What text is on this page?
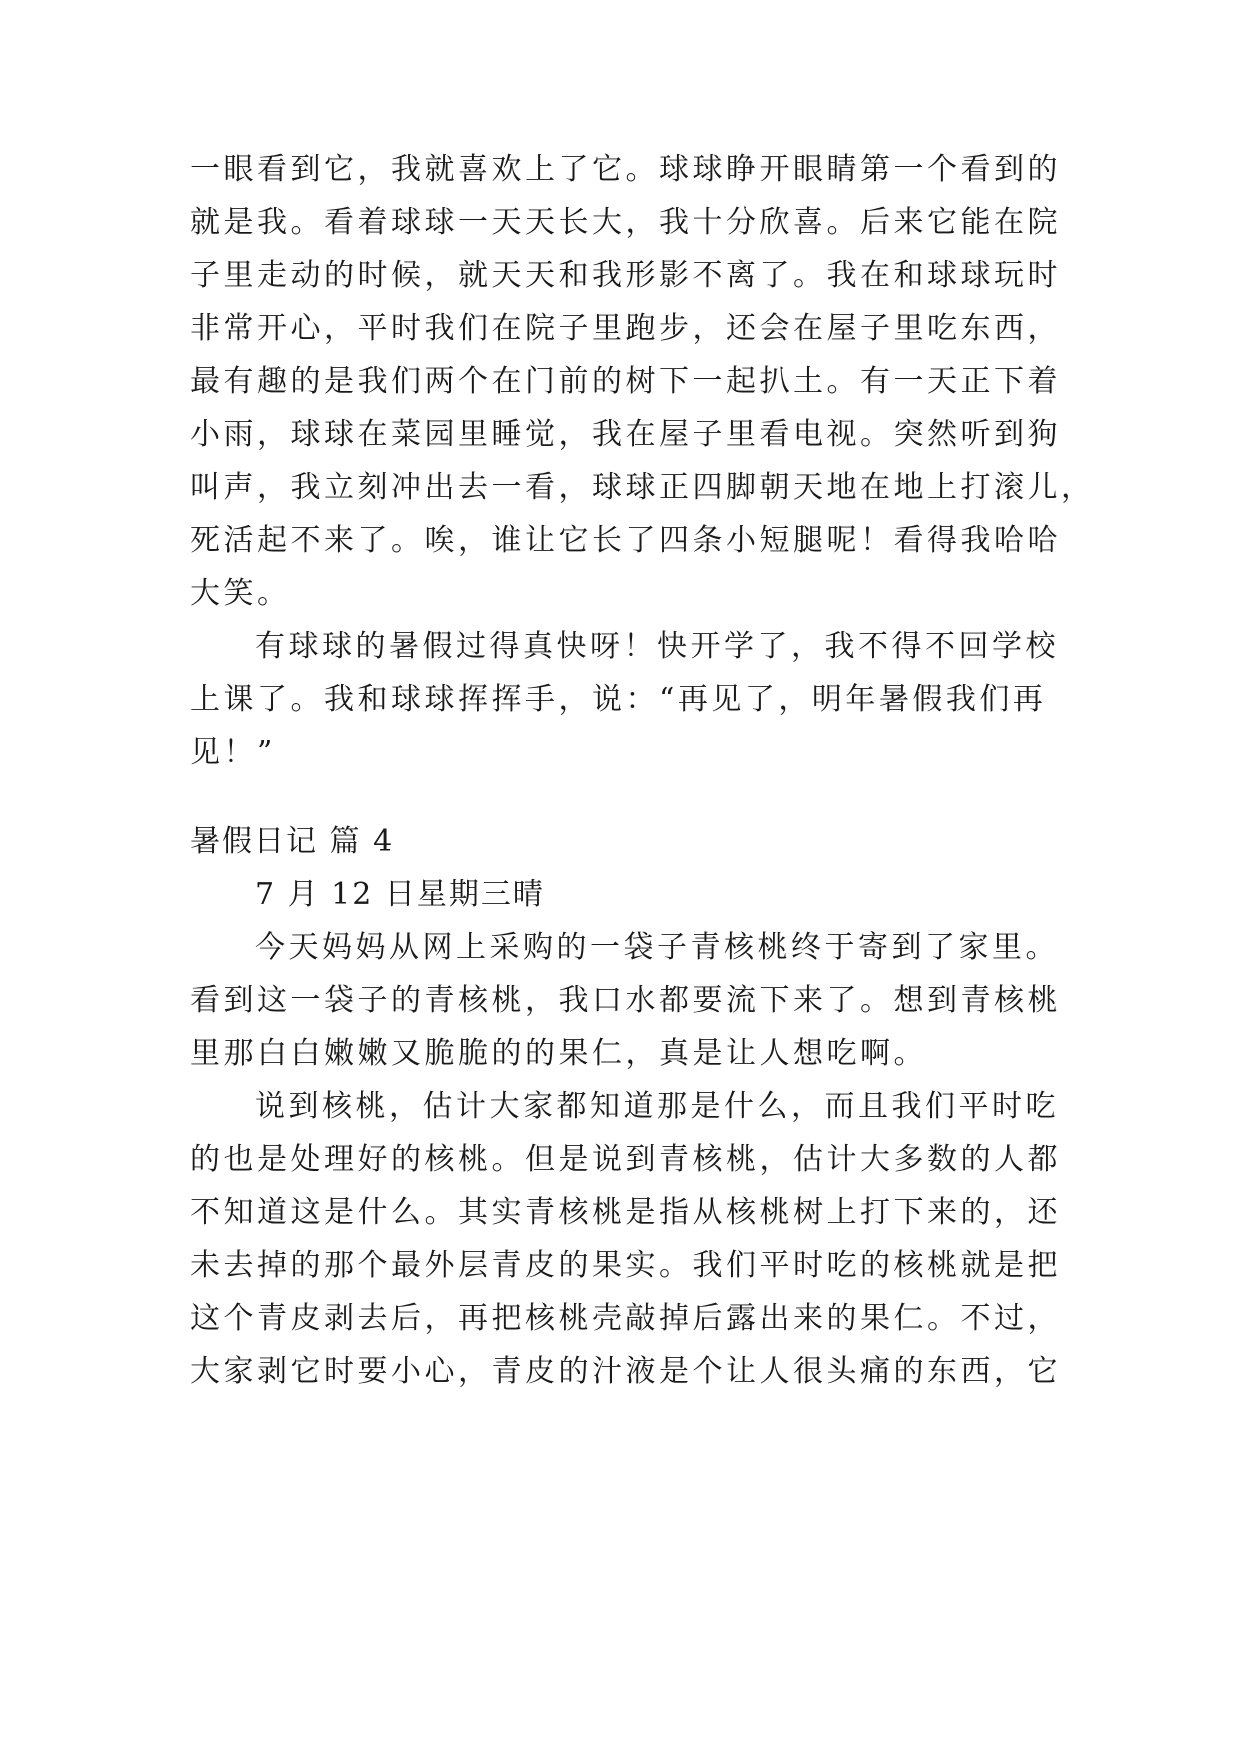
一眼看到它，我就喜欢上了它。球球睁开眼睛第一个看到的
就是我。看着球球一天天长大，我十分欣喜。后来它能在院
子里走动的时候，就天天和我形影不离了。我在和球球玩时
非常开心，平时我们在院子里跑步，还会在屋子里吃东西，
最有趣的是我们两个在门前的树下一起扒土。有一天正下着
小雨，球球在菜园里睡觉，我在屋子里看电视。突然听到狗
叫声，我立刻冲出去一看，球球正四脚朝天地在地上打滚儿，
死活起不来了。唉，谁让它长了四条小短腿呢！看得我哈哈
大笑。
有球球的暑假过得真快呀！快开学了，我不得不回学校
上课了。我和球球挥挥手，说：“再见了，明年暑假我们再
见！”
暑假日记 篇 4
7 月 12 日星期三晴
今天妈妈从网上采购的一袋子青核桃终于寄到了家里。
看到这一袋子的青核桃，我口水都要流下来了。想到青核桃
里那白白嫩嫩又脆脆的的果仁，真是让人想吃啊。
说到核桃，估计大家都知道那是什么，而且我们平时吃
的也是处理好的核桃。但是说到青核桃，估计大多数的人都
不知道这是什么。其实青核桃是指从核桃树上打下来的，还
未去掉的那个最外层青皮的果实。我们平时吃的核桃就是把
这个青皮剥去后，再把核桃壳敲掉后露出来的果仁。不过，
大家剥它时要小心，青皮的汁液是个让人很头痛的东西，它
